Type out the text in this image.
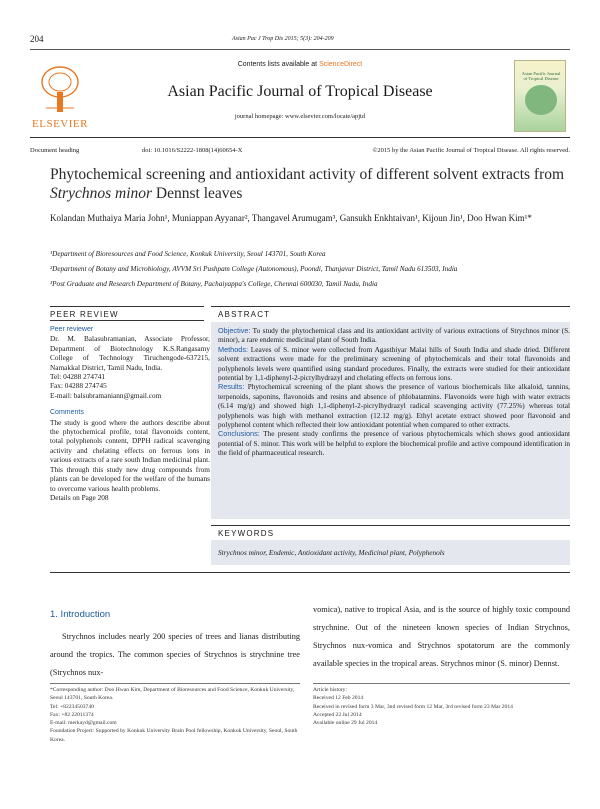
204	Asian Pac J Trop Dis 2015; 5(3): 204-209
ELSEVIER
Contents lists available at ScienceDirect
Asian Pacific Journal of Tropical Disease
journal homepage: www.elsevier.com/locate/apjtd
Asian Pacific Journal of Tropical Disease
Document heading	doi: 10.1016/S2222-1808(14)60654-X	©2015 by the Asian Pacific Journal of Tropical Disease. All rights reserved.
Phytochemical screening and antioxidant activity of different solvent extracts from Strychnos minor Dennst leaves
Kolandan Muthaiya Maria John¹, Muniappan Ayyanar², Thangavel Arumugam³, Gansukh Enkhtaivan¹, Kijoun Jin¹, Doo Hwan Kim¹*
¹Department of Bioresources and Food Science, Konkuk University, Seoul 143701, South Korea
²Department of Botany and Microbiology, AVVM Sri Pushpam College (Autonomous), Poondi, Thanjavur District, Tamil Nadu 613503, India
³Post Graduate and Research Department of Botany, Pachaiyappa's College, Chennai 600030, Tamil Nadu, India
PEER REVIEW
Peer reviewer
Dr. M. Balasubramanian, Associate Professor, Department of Biotechnology K.S.Rangasamy College of Technology Tiruchengode-637215, Namakkal District, Tamil Nadu, India.
Tel: 04288 274741
Fax: 04288 274745
E-mail: balsubramaniann@gmail.com
Comments
The study is good where the authors describe about the phytochemical profile, total flavonoids content, total polyphenols content, DPPH radical scavenging activity and chelating effects on ferrous ions in various extracts of a rare south Indian medicinal plant. This through this study new drug compounds from plants can be developed for the welfare of the humans to overcome various health problems.
Details on Page 208
ABSTRACT
Objective: To study the phytochemical class and its antioxidant activity of various extractions of Strychnos minor (S. minor), a rare endemic medicinal plant of South India.
Methods: Leaves of S. minor were collected from Agasthiyar Malai hills of South India and shade dried. Different solvent extractions were made for the preliminary screening of phytochemicals and their total flavonoids and polyphenols levels were quantified using standard procedures. Finally, the extracts were studied for their antioxidant potential by 1,1-diphenyl-2-picrylhydrazyl and chelating effects on ferrous ions.
Results: Phytochemical screening of the plant shows the presence of various biochemicals like alkaloid, tannins, terpenoids, saponins, flavonoids and resins and absence of phlobatannins. Flavonoids were high with water extracts (6.14 mg/g) and showed high 1,1-diphenyl-2-picrylhydrazyl radical scavenging activity (77.25%) whereas total polyphenols was high with methanol extraction (12.12 mg/g). Ethyl acetate extract showed poor flavonoid and polyphenol content which reflected their low antioxidant potential when compared to other extracts.
Conclusions: The present study confirms the presence of various phytochemicals which shows good antioxidant potential of S. minor. This work will be helpful to explore the biochemical profile and active compound identification in the field of pharmaceutical research.
KEYWORDS
Strychnos minor, Endemic, Antioxidant activity, Medicinal plant, Polyphenols
1. Introduction
Strychnos includes nearly 200 species of trees and lianas distributing around the tropics. The common species of Strychnos is strychnine tree (Strychnos nux-
vomica), native to tropical Asia, and is the source of highly toxic compound strychnine. Out of the nineteen known species of Indian Strychnos, Strychnos nux-vomica and Strychnos spotatorum are the commonly available species in the tropical areas. Strychnos minor (S. minor) Dennst.
*Corresponding author: Doo Hwan Kim, Department of Bioresources and Food Science, Konkuk University, Seoul 143701, South Korea.
Tel: +82234503740
Fax: +82 22011374
E-mail: merkayd@gmail.com
Foundation Project: Supported by Konkuk University Brain Pool fellowship, Konkuk University, Seoul, South Korea.
Article history:
Received 12 Feb 2014
Received in revised form 3 Mar, 3nd revised form 12 Mar, 3rd revised form 23 Mar 2014
Accepted 22 Jul 2014
Available online 29 Jul 2014
